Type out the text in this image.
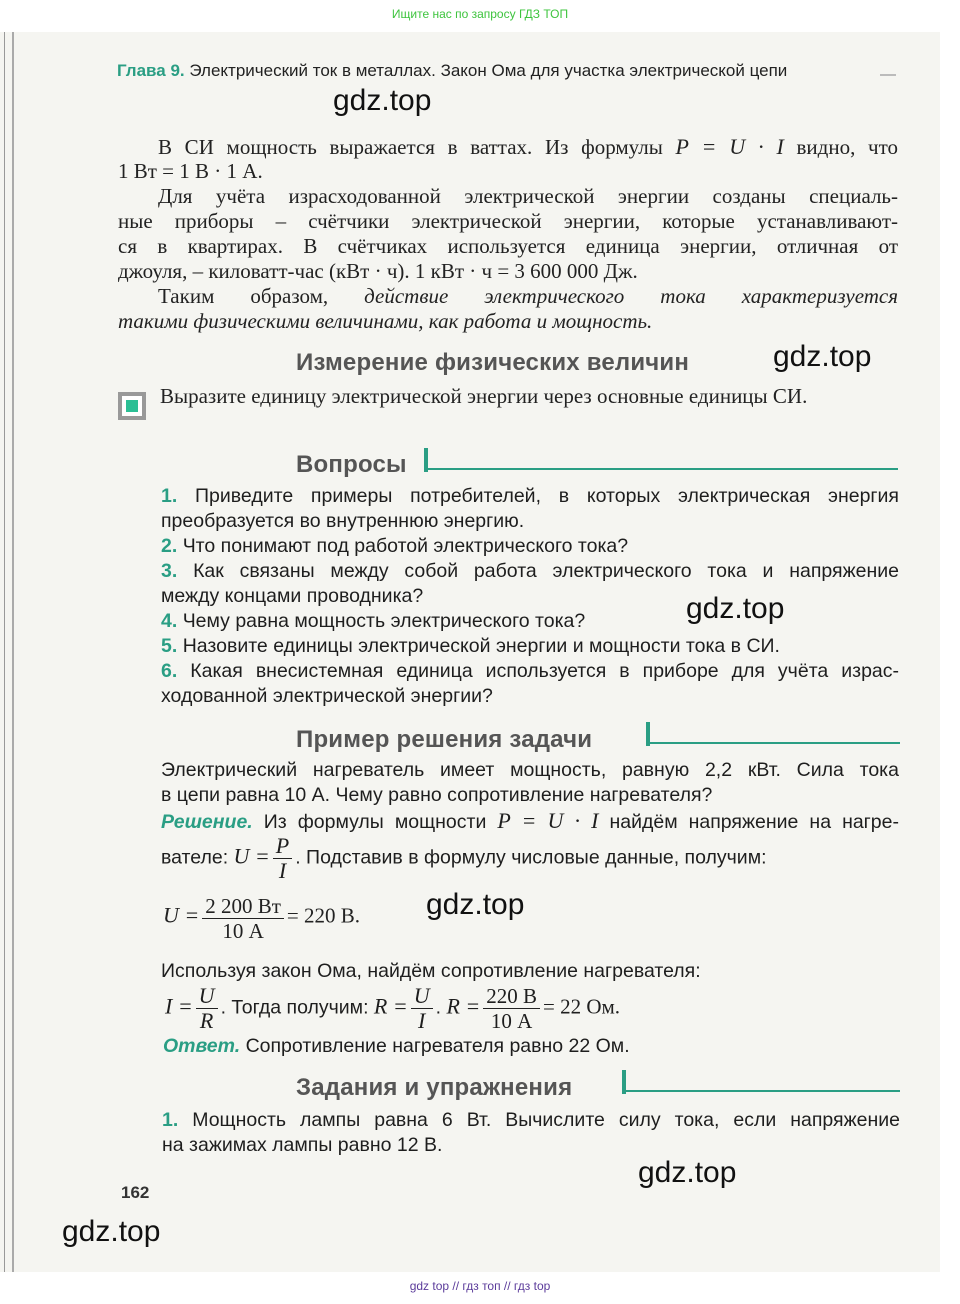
Ищите нас по запросу ГДЗ ТОП
Глава 9. Электрический ток в металлах. Закон Ома для участка электрической цепи
gdz.top
gdz.top
gdz.top
gdz.top
gdz.top
gdz.top
В СИ мощность выражается в ваттах. Из формулы P = U · I видно, что
1 Вт = 1 В · 1 А.
Для учёта израсходованной электрической энергии созданы специаль-
ные приборы – счётчики электрической энергии, которые устанавливают-
ся в квартирах. В счётчиках используется единица энергии, отличная от
джоуля, – киловатт-час (кВт · ч). 1 кВт · ч = 3 600 000 Дж.
Таким образом, действие электрического тока характеризуется
такими физическими величинами, как работа и мощность.
Измерение физических величин
Выразите единицу электрической энергии через основные единицы СИ.
Вопросы
1. Приведите примеры потребителей, в которых электрическая энергия
преобразуется во внутреннюю энергию.
2. Что понимают под работой электрического тока?
3. Как связаны между собой работа электрического тока и напряжение
между концами проводника?
4. Чему равна мощность электрического тока?
5. Назовите единицы электрической энергии и мощности тока в СИ.
6. Какая внесистемная единица используется в приборе для учёта израс-
ходованной электрической энергии?
Пример решения задачи
Электрический нагреватель имеет мощность, равную 2,2 кВт. Сила тока
в цепи равна 10 А. Чему равно сопротивление нагревателя?
Решение. Из формулы мощности P = U · I найдём напряжение на нагре-
вателе: $U = \frac{P}{I}$ . Подставив в формулу числовые данные, получим:
$U = \frac{2 200 Вт}{10 А} = 220$ В.
Используя закон Ома, найдём сопротивление нагревателя:
$I = \frac{U}{R}$ . Тогда получим: $R = \frac{U}{I}$ . $R = \frac{220 В}{10 А} = 22$ Ом.
Ответ. Сопротивление нагревателя равно 22 Ом.
Задания и упражнения
1. Мощность лампы равна 6 Вт. Вычислите силу тока, если напряжение
на зажимах лампы равно 12 В.
162
gdz top // гдз топ // гдз top
